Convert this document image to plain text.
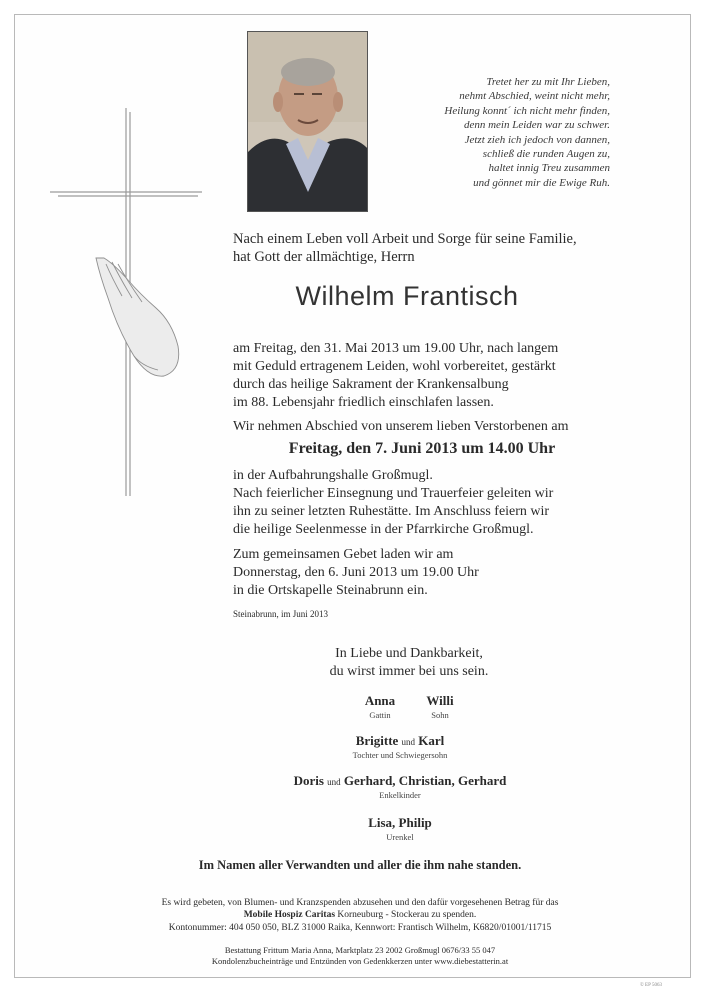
Tretet her zu mit Ihr Lieben,
nehmt Abschied, weint nicht mehr,
Heilung konnt´ ich nicht mehr finden,
denn mein Leiden war zu schwer.
Jetzt zieh ich jedoch von dannen,
schließ die runden Augen zu,
haltet innig Treu zusammen
und gönnet mir die Ewige Ruh.
Nach einem Leben voll Arbeit und Sorge für seine Familie,
hat Gott der allmächtige, Herrn
Wilhelm Frantisch
am Freitag, den 31. Mai 2013 um 19.00 Uhr, nach langem
mit Geduld ertragenem Leiden, wohl vorbereitet, gestärkt
durch das heilige Sakrament der Krankensalbung
im 88. Lebensjahr friedlich einschlafen lassen.
Wir nehmen Abschied von unserem lieben Verstorbenen am
Freitag, den 7. Juni 2013 um 14.00 Uhr
in der Aufbahrungshalle Großmugl.
Nach feierlicher Einsegnung und Trauerfeier geleiten wir
ihn zu seiner letzten Ruhestätte. Im Anschluss feiern wir
die heilige Seelenmesse in der Pfarrkirche Großmugl.
Zum gemeinsamen Gebet laden wir am
Donnerstag, den 6. Juni 2013 um 19.00 Uhr
in die Ortskapelle Steinabrunn ein.
Steinabrunn, im Juni 2013
In Liebe und Dankbarkeit,
du wirst immer bei uns sein.
Anna
Gattin
Willi
Sohn
Brigitte und Karl
Tochter und Schwiegersohn
Doris und Gerhard, Christian, Gerhard
Enkelkinder
Lisa, Philip
Urenkel
Im Namen aller Verwandten und aller die ihm nahe standen.
Es wird gebeten, von Blumen- und Kranzspenden abzusehen und den dafür vorgesehenen Betrag für das
Mobile Hospiz Caritas Korneuburg - Stockerau zu spenden.
Kontonummer: 404 050 050, BLZ 31000 Raika, Kennwort: Frantisch Wilhelm, K6820/01001/11715
Bestattung Frittum Maria Anna, Marktplatz 23 2002 Großmugl 0676/33 55 047
Kondolenzbucheinträge und Entzünden von Gedenkkerzen unter www.diebestatterin.at
© EP 5063
